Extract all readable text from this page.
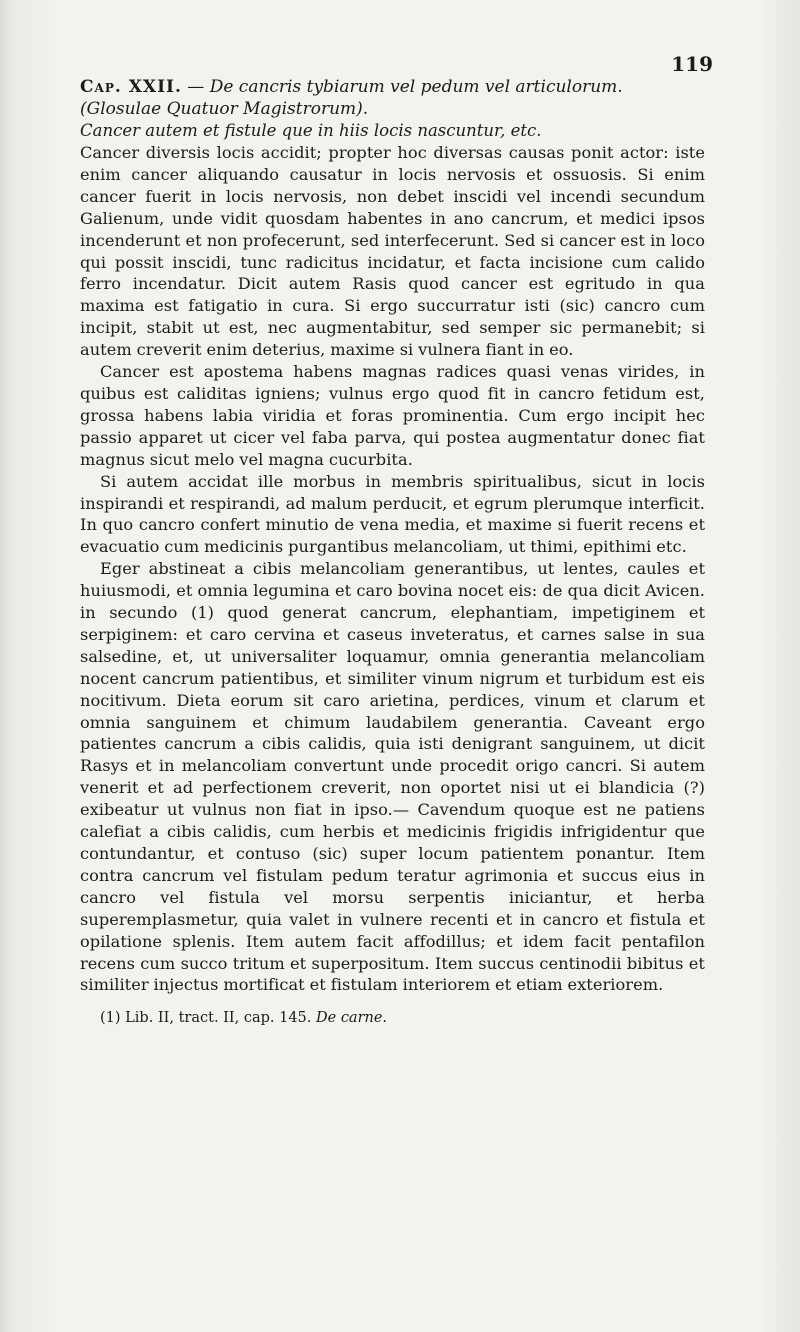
119

Cap. XXII. — De cancris tybiarum vel pedum vel articulorum. (Glosulae Quatuor Magistrorum).

Cancer autem et fistule que in hiis locis nascuntur, etc.

Cancer diversis locis accidit; propter hoc diversas causas ponit actor: iste enim cancer aliquando causatur in locis nervosis et ossuosis. Si enim cancer fuerit in locis nervosis, non debet inscidi vel incendi secundum Galienum, unde vidit quosdam habentes in ano cancrum, et medici ipsos incenderunt et non profecerunt, sed interfecerunt. Sed si cancer est in loco qui possit inscidi, tunc radicitus incidatur, et facta incisione cum calido ferro incendatur. Dicit autem Rasis quod cancer est egritudo in qua maxima est fatigatio in cura. Si ergo succurratur isti (sic) cancro cum incipit, stabit ut est, nec augmentabitur, sed semper sic permanebit; si autem creverit enim deterius, maxime si vulnera fiant in eo.

Cancer est apostema habens magnas radices quasi venas virides, in quibus est caliditas igniens; vulnus ergo quod fit in cancro fetidum est, grossa habens labia viridia et foras prominentia. Cum ergo incipit hec passio apparet ut cicer vel faba parva, qui postea augmentatur donec fiat magnus sicut melo vel magna cucurbita.

Si autem accidat ille morbus in membris spiritualibus, sicut in locis inspirandi et respirandi, ad malum perducit, et egrum plerumque interficit. In quo cancro confert minutio de vena media, et maxime si fuerit recens et evacuatio cum medicinis purgantibus melancoliam, ut thimi, epithimi etc.

Eger abstineat a cibis melancoliam generantibus, ut lentes, caules et huiusmodi, et omnia legumina et caro bovina nocet eis: de qua dicit Avicen. in secundo (1) quod generat cancrum, elephantiam, impetiginem et serpiginem: et caro cervina et caseus inveteratus, et carnes salse in sua salsedine, et, ut universaliter loquamur, omnia generantia melancoliam nocent cancrum patientibus, et similiter vinum nigrum et turbidum est eis nocitivum. Dieta eorum sit caro arietina, perdices, vinum et clarum et omnia sanguinem et chimum laudabilem generantia. Caveant ergo patientes cancrum a cibis calidis, quia isti denigrant sanguinem, ut dicit Rasys et in melancoliam convertunt unde procedit origo cancri. Si autem venerit et ad perfectionem creverit, non oportet nisi ut ei blandicia (?) exibeatur ut vulnus non fiat in ipso.— Cavendum quoque est ne patiens calefiat a cibis calidis, cum herbis et medicinis frigidis infrigidentur que contundantur, et contuso (sic) super locum patientem ponantur. Item contra cancrum vel fistulam pedum teratur agrimonia et succus eius in cancro vel fistula vel morsu serpentis iniciantur, et herba superemplasmetur, quia valet in vulnere recenti et in cancro et fistula et opilatione splenis. Item autem facit affodillus; et idem facit pentafilon recens cum succo tritum et superpositum. Item succus centinodii bibitus et similiter injectus mortificat et fistulam interiorem et etiam exteriorem.

(1) Lib. II, tract. II, cap. 145. De carne.
